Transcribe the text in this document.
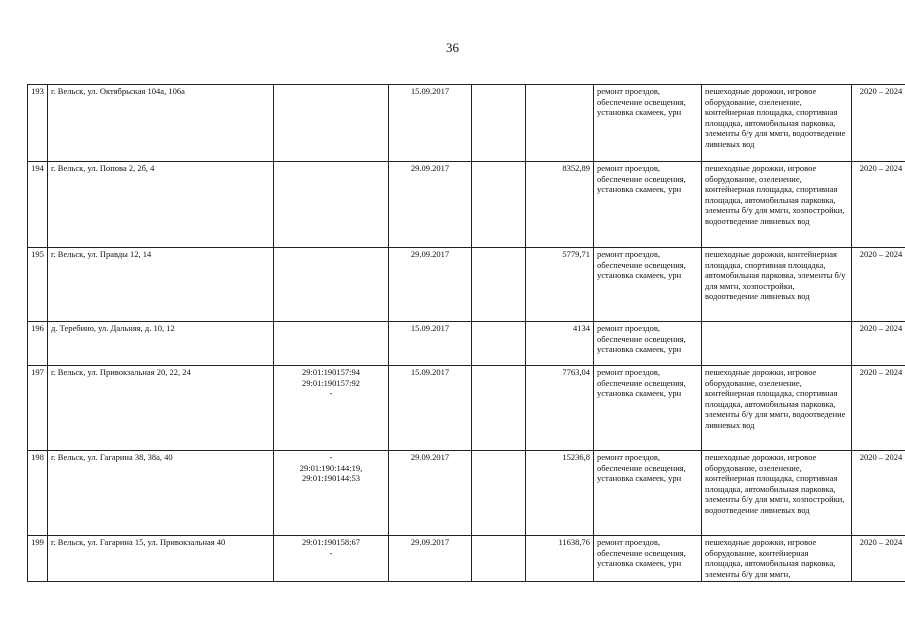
36
193	г. Вельск, ул. Октябрьская 104а, 106а		15.09.2017			ремонт проездов, обеспечение освещения, установка скамеек, урн	пешеходные дорожки, игровое оборудование, озеленение, контейнерная площадка, спортивная площадка, автомобильная парковка, элементы б/у для ммгн, водоотведение ливневых вод	2020 – 2024
194	г. Вельск, ул. Попова 2, 2б, 4		29.09.2017		8352,89	ремонт проездов, обеспечение освещения, установка скамеек, урн	пешеходные дорожки, игровое оборудование, озеленение, контейнерная площадка, спортивная площадка, автомобильная парковка, элементы б/у для ммгн, хозпостройки, водоотведение ливневых вод	2020 – 2024
195	г. Вельск, ул. Правды 12, 14		29.09.2017		5779,71	ремонт проездов, обеспечение освещения, установка скамеек, урн	пешеходные дорожки, контейнерная площадка, спортивная площадка, автомобильная парковка, элементы б/у для ммгн, хозпостройки, водоотведение ливневых вод	2020 – 2024
196	д. Теребино, ул. Дальняя, д. 10, 12		15.09.2017		4134	ремонт проездов, обеспечение освещения, установка скамеек, урн		2020 – 2024
197	г. Вельск, ул. Привокзальная 20, 22, 24	29:01:190157:94
29:01:190157:92
-	15.09.2017		7763,04	ремонт проездов, обеспечение освещения, установка скамеек, урн	пешеходные дорожки, игровое оборудование, озеленение, контейнерная площадка, спортивная площадка, автомобильная парковка, элементы б/у для ммгн, водоотведение ливневых вод	2020 – 2024
198	г. Вельск, ул. Гагарина 38, 38а, 40	-
29:01:190:144:19,
29:01:190144:53	29.09.2017		15236,8	ремонт проездов, обеспечение освещения, установка скамеек, урн	пешеходные дорожки, игровое оборудование, озеленение, контейнерная площадка, спортивная площадка, автомобильная парковка, элементы б/у для ммгн, хозпостройки, водоотведение ливневых вод	2020 – 2024
199	г. Вельск, ул. Гагарина 15, ул. Привокзальная 40	29:01:190158:67
-	29.09.2017		11638,76	ремонт проездов, обеспечение освещения, установка скамеек, урн	пешеходные дорожки, игровое оборудование, контейнерная площадка, автомобильная парковка, элементы б/у для ммгн,	2020 – 2024
